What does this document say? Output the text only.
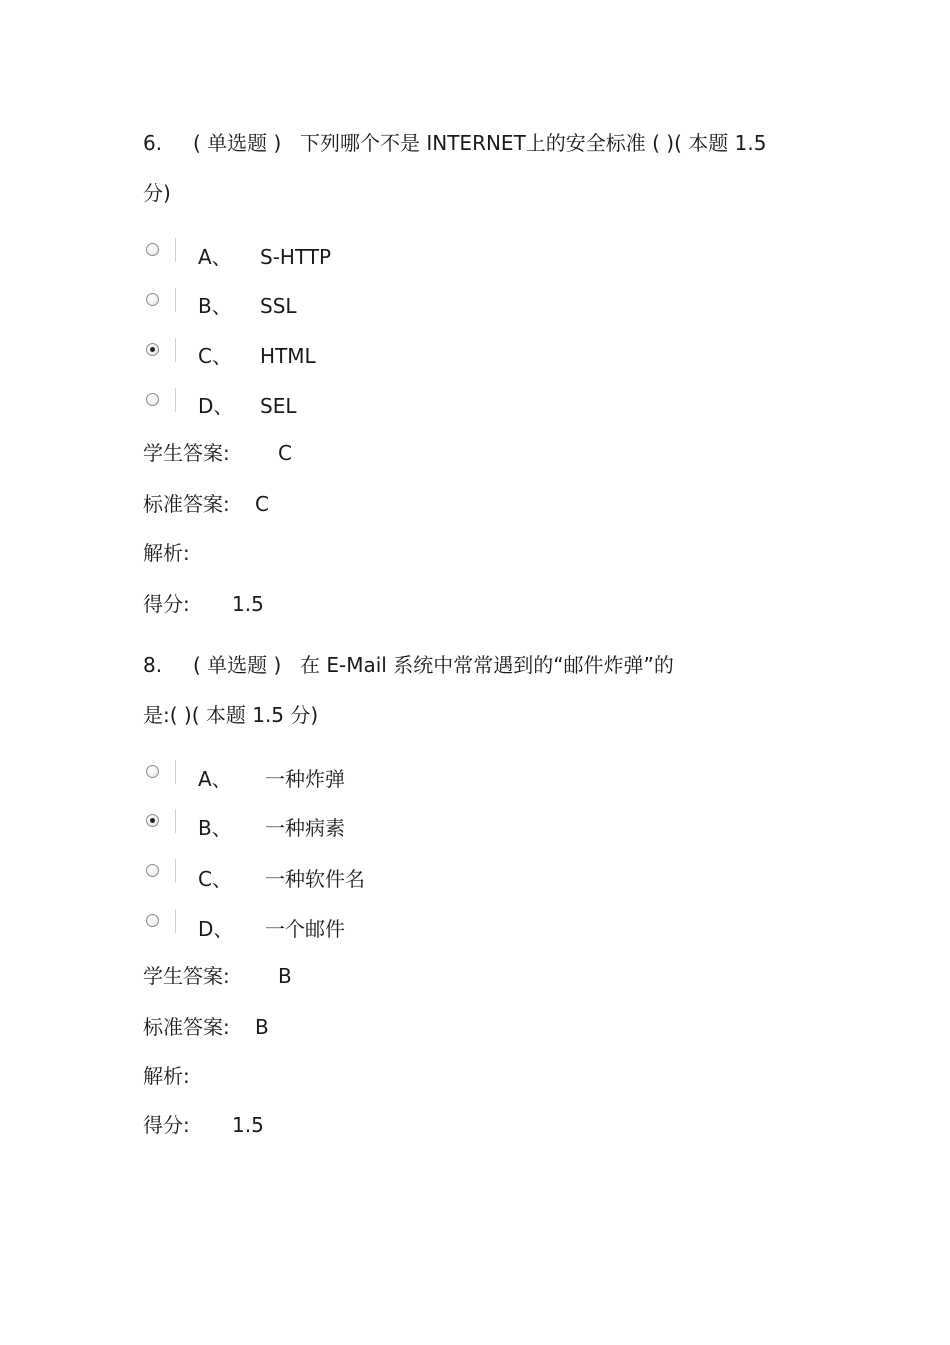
6. ( 单选题 ) 下列哪个不是 INTERNET上的安全标准 ( )( 本题 1.5
分)
A、 S-HTTP
B、 SSL
C、 HTML
D、 SEL
学生答案: C
标准答案: C
解析:
得分: 1.5
8. ( 单选题 ) 在 E-Mail 系统中常常遇到的“邮件炸弹”的
是:( )( 本题 1.5 分)
A、 一种炸弹
B、 一种病素
C、 一种软件名
D、 一个邮件
学生答案: B
标准答案: B
解析:
得分: 1.5
